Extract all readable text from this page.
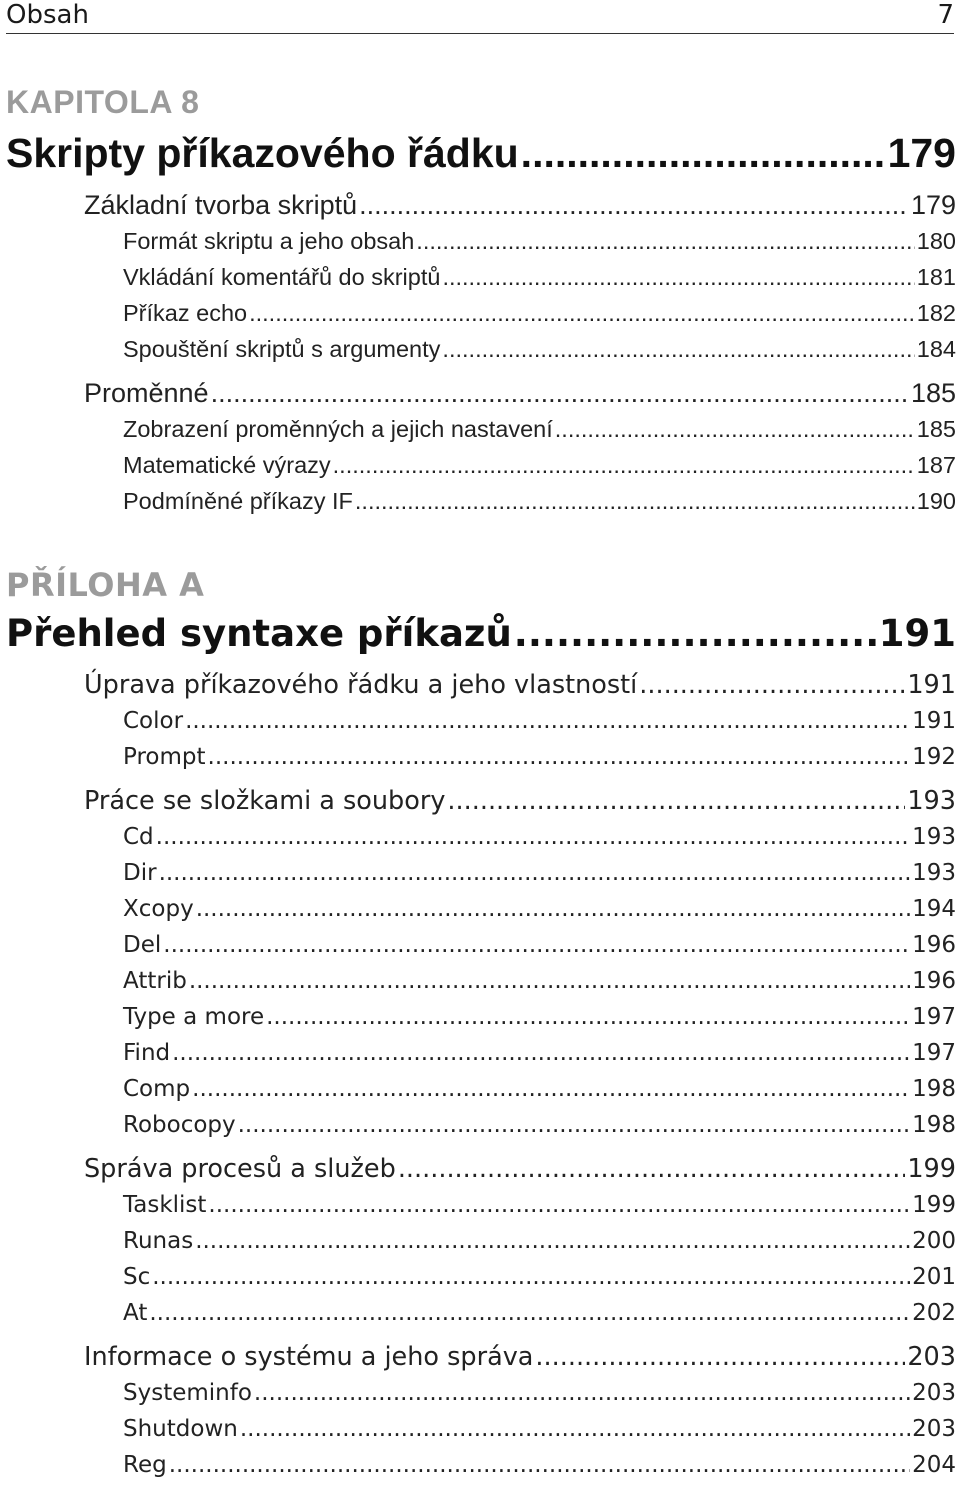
Obsah	7
KAPITOLA 8
Skripty příkazového řádku .....	179
Základní tvorba skriptů .....	179
Formát skriptu a jeho obsah .....	180
Vkládání komentářů do skriptů .....	181
Příkaz echo .....	182
Spouštění skriptů s argumenty .....	184
Proměnné .....	185
Zobrazení proměnných a jejich nastavení .....	185
Matematické výrazy .....	187
Podmíněné příkazy IF .....	190
PŘÍLOHA A
Přehled syntaxe příkazů .....	191
Úprava příkazového řádku a jeho vlastností .....	191
Color .....	191
Prompt .....	192
Práce se složkami a soubory .....	193
Cd .....	193
Dir .....	193
Xcopy .....	194
Del .....	196
Attrib .....	196
Type a more .....	197
Find .....	197
Comp .....	198
Robocopy .....	198
Správa procesů a služeb .....	199
Tasklist .....	199
Runas .....	200
Sc .....	201
At .....	202
Informace o systému a jeho správa .....	203
Systeminfo .....	203
Shutdown .....	203
Reg .....	204
